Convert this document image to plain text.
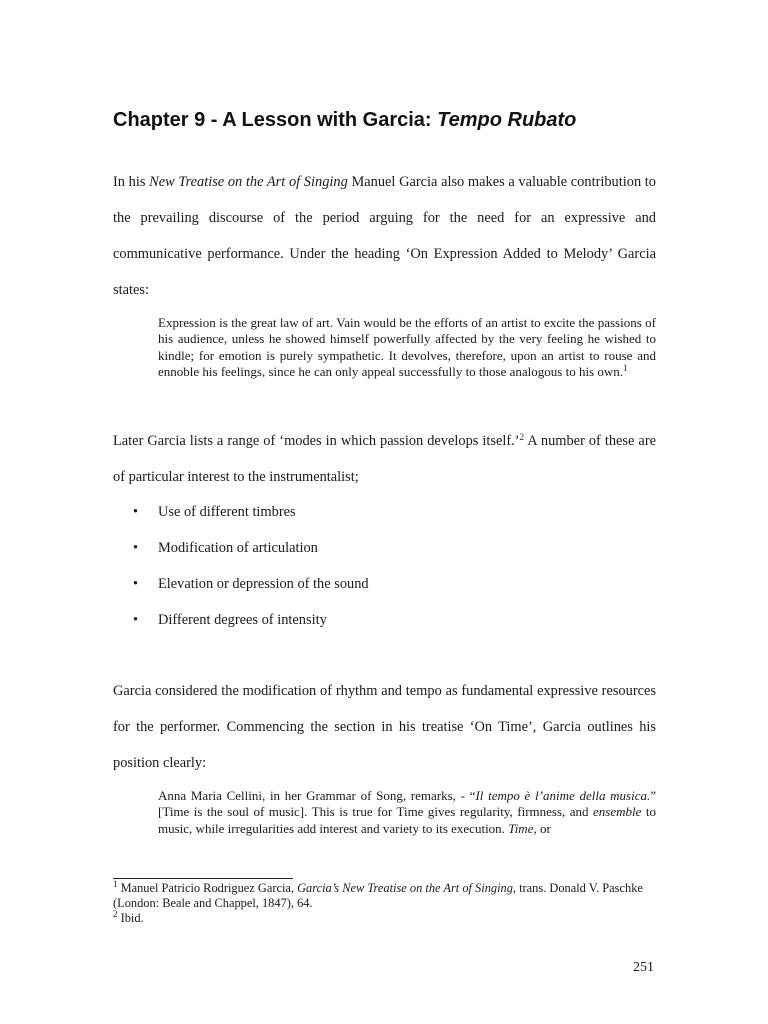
Chapter 9 - A Lesson with Garcia: Tempo Rubato

In his New Treatise on the Art of Singing Manuel Garcia also makes a valuable contribution to the prevailing discourse of the period arguing for the need for an expressive and communicative performance. Under the heading ‘On Expression Added to Melody’ Garcia states:

Expression is the great law of art. Vain would be the efforts of an artist to excite the passions of his audience, unless he showed himself powerfully affected by the very feeling he wished to kindle; for emotion is purely sympathetic. It devolves, therefore, upon an artist to rouse and ennoble his feelings, since he can only appeal successfully to those analogous to his own.$^1$

Later Garcia lists a range of ‘modes in which passion develops itself.’$^2$ A number of these are of particular interest to the instrumentalist;

• Use of different timbres
• Modification of articulation
• Elevation or depression of the sound
• Different degrees of intensity

Garcia considered the modification of rhythm and tempo as fundamental expressive resources for the performer. Commencing the section in his treatise ‘On Time’, Garcia outlines his position clearly:

Anna Maria Cellini, in her Grammar of Song, remarks, - “Il tempo è l’anime della musica.” [Time is the soul of music]. This is true for Time gives regularity, firmness, and ensemble to music, while irregularities add interest and variety to its execution. Time, or

$^1$ Manuel Patricio Rodriguez Garcia, Garcia’s New Treatise on the Art of Singing, trans. Donald V. Paschke (London: Beale and Chappel, 1847), 64.

$^2$ Ibid.

251
